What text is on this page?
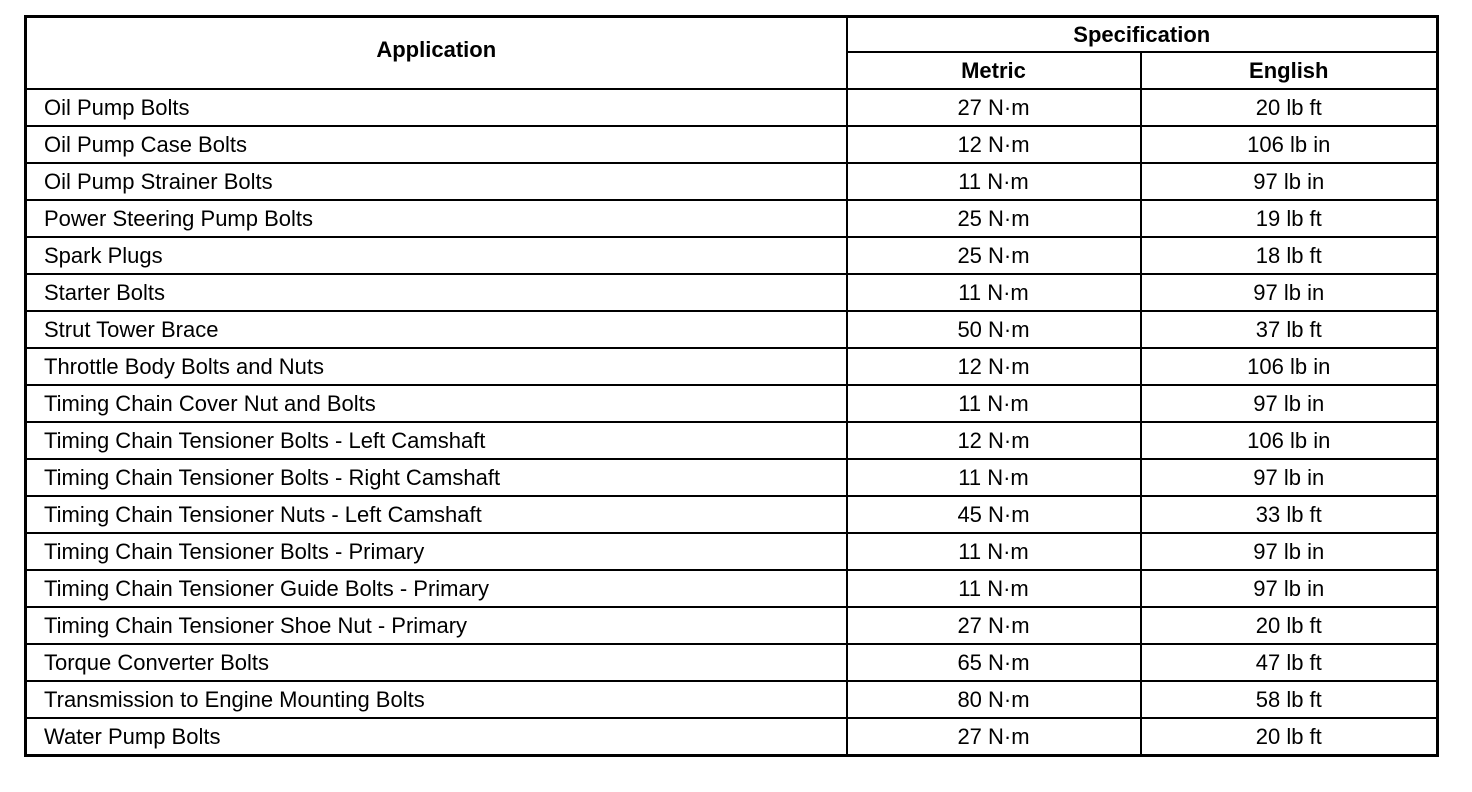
Application	Specification	
	Metric	English
Oil Pump Bolts	27 N·m	20 lb ft
Oil Pump Case Bolts	12 N·m	106 lb in
Oil Pump Strainer Bolts	11 N·m	97 lb in
Power Steering Pump Bolts	25 N·m	19 lb ft
Spark Plugs	25 N·m	18 lb ft
Starter Bolts	11 N·m	97 lb in
Strut Tower Brace	50 N·m	37 lb ft
Throttle Body Bolts and Nuts	12 N·m	106 lb in
Timing Chain Cover Nut and Bolts	11 N·m	97 lb in
Timing Chain Tensioner Bolts - Left Camshaft	12 N·m	106 lb in
Timing Chain Tensioner Bolts - Right Camshaft	11 N·m	97 lb in
Timing Chain Tensioner Nuts - Left Camshaft	45 N·m	33 lb ft
Timing Chain Tensioner Bolts - Primary	11 N·m	97 lb in
Timing Chain Tensioner Guide Bolts - Primary	11 N·m	97 lb in
Timing Chain Tensioner Shoe Nut - Primary	27 N·m	20 lb ft
Torque Converter Bolts	65 N·m	47 lb ft
Transmission to Engine Mounting Bolts	80 N·m	58 lb ft
Water Pump Bolts	27 N·m	20 lb ft
